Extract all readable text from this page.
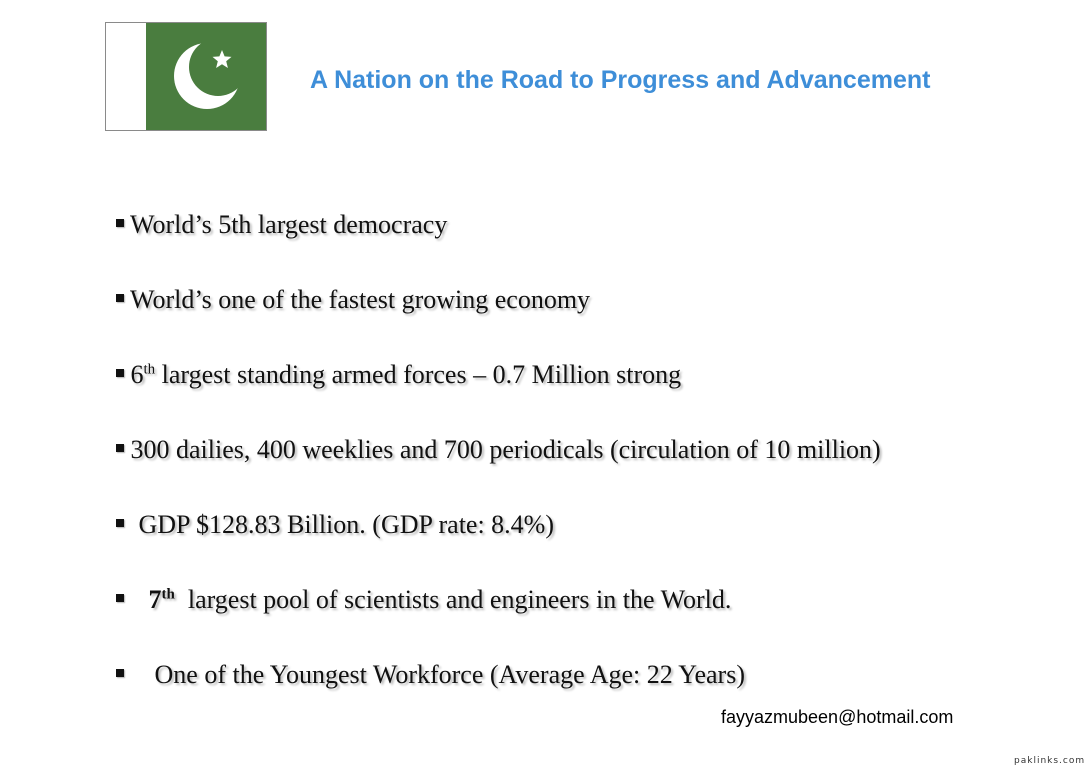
A Nation on the Road to Progress and Advancement
World’s 5th largest democracy
World’s one of the fastest growing economy
6th largest standing armed forces – 0.7 Million strong
300 dailies, 400 weeklies and 700 periodicals (circulation of 10 million)
GDP $128.83 Billion. (GDP rate: 8.4%)
7th  largest pool of scientists and engineers in the World.
One of the Youngest Workforce (Average Age: 22 Years)
fayyazmubeen@hotmail.com
paklinks.com
